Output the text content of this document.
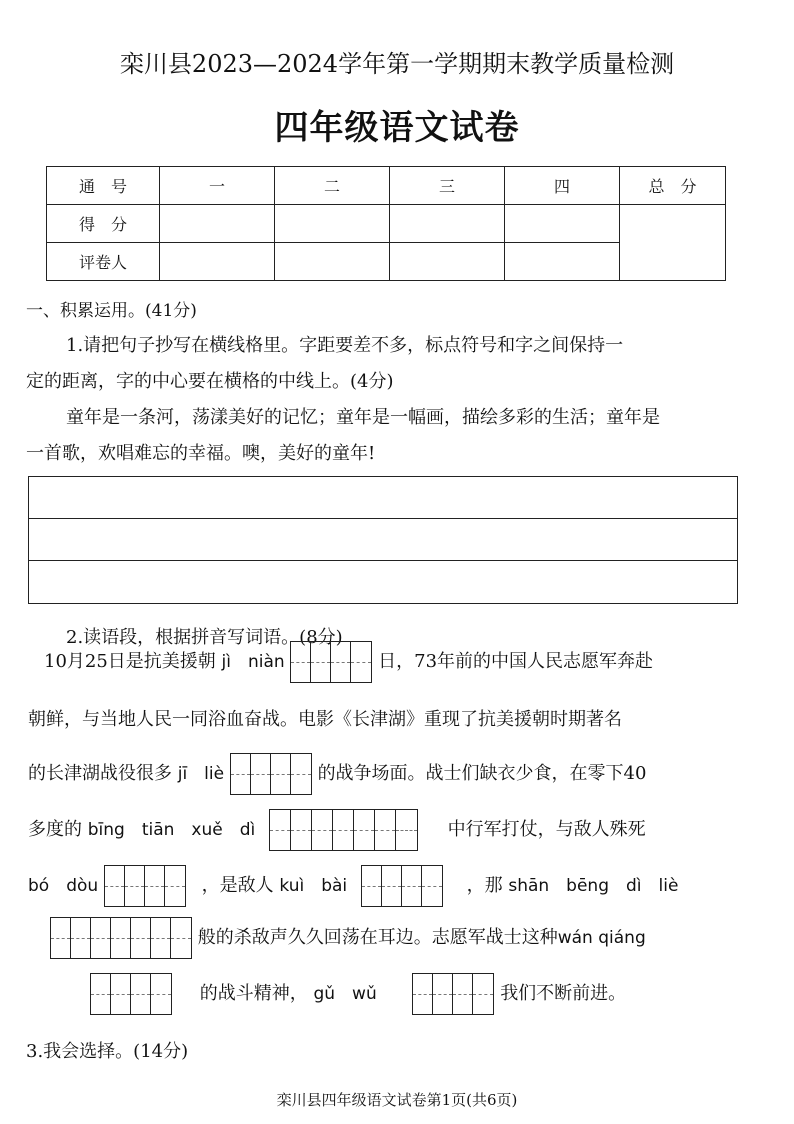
栾川县2023—2024学年第一学期期末教学质量检测
四年级语文试卷
通　号	一	二	三	四	总　分
得　分					
评卷人					
一、积累运用。(41分)
1.请把句子抄写在横线格里。字距要差不多，标点符号和字之间保持一
定的距离，字的中心要在横格的中线上。(4分)
童年是一条河，荡漾美好的记忆；童年是一幅画，描绘多彩的生活；童年是
一首歌，欢唱难忘的幸福。噢，美好的童年!
2.读语段，根据拼音写词语。(8分)
10月25日是抗美援朝 jì　niàn	日，73年前的中国人民志愿军奔赴
朝鲜，与当地人民一同浴血奋战。电影《长津湖》重现了抗美援朝时期著名
的长津湖战役很多 jī　liè	的战争场面。战士们缺衣少食，在零下40
多度的 bīng　tiān　xuě　dì	中行军打仗，与敌人殊死
bó　dòu	，是敌人 kuì　bài	，那 shān　bēng　dì　liè
般的杀敌声久久回荡在耳边。志愿军战士这种wán qiáng
的战斗精神， gǔ　wǔ	我们不断前进。
3.我会选择。(14分)
栾川县四年级语文试卷第1页(共6页)
